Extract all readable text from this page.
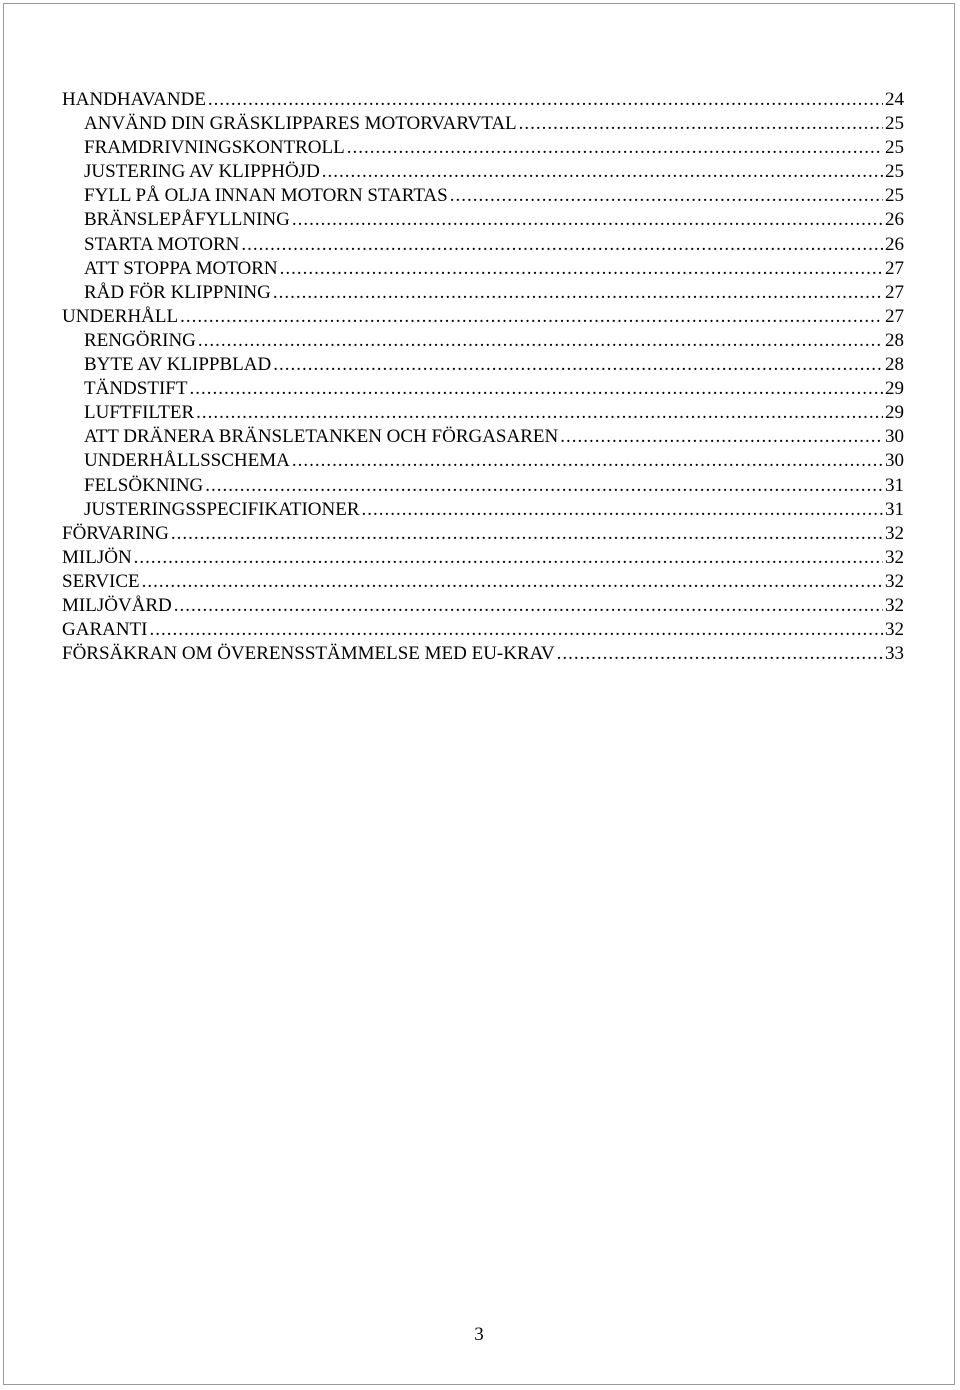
HANDHAVANDE .....	24
ANVÄND DIN GRÄSKLIPPARES MOTORVARVTAL .....	25
FRAMDRIVNINGSKONTROLL .....	25
JUSTERING AV KLIPPHÖJD .....	25
FYLL PÅ OLJA INNAN MOTORN STARTAS .....	25
BRÄNSLEPÅFYLLNING .....	26
STARTA MOTORN .....	26
ATT STOPPA MOTORN .....	27
RÅD FÖR KLIPPNING .....	27
UNDERHÅLL .....	27
RENGÖRING .....	28
BYTE AV KLIPPBLAD .....	28
TÄNDSTIFT .....	29
LUFTFILTER .....	29
ATT DRÄNERA BRÄNSLETANKEN OCH FÖRGASAREN .....	30
UNDERHÅLLSSCHEMA .....	30
FELSÖKNING .....	31
JUSTERINGSSPECIFIKATIONER .....	31
FÖRVARING .....	32
MILJÖN .....	32
SERVICE .....	32
MILJÖVÅRD .....	32
GARANTI .....	32
FÖRSÄKRAN OM ÖVERENSSTÄMMELSE MED EU-KRAV .....	33
3
